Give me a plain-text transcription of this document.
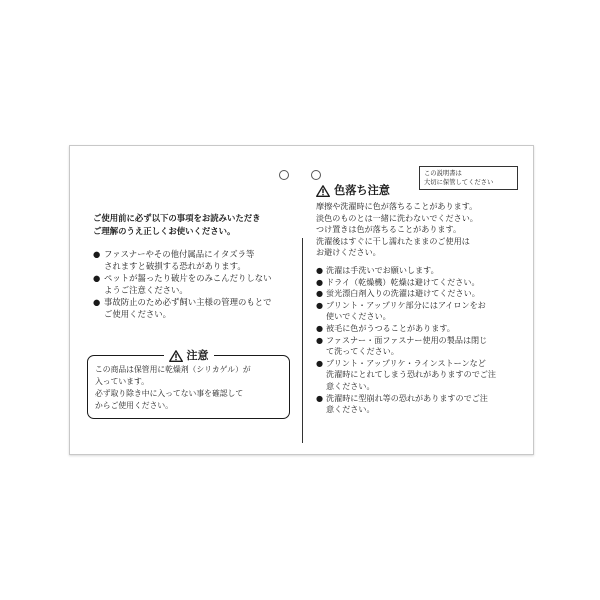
ご使用前に必ず以下の事項をお読みいただき
ご理解のうえ正しくお使いください。
● ファスナーやその他付属品にイタズラ等
されますと破損する恐れがあります。
● ペットが齧ったり破片をのみこんだりしない
ようご注意ください。
● 事故防止のため必ず飼い主様の管理のもとで
ご使用ください。
注意
この商品は保管用に乾燥剤（シリカゲル）が
入っています。
必ず取り除き中に入ってない事を確認して
からご使用ください。
この説明書は
大切に保管してください
色落ち注意
摩擦や洗濯時に色が落ちることがあります。
淡色のものとは一緒に洗わないでください。
つけ置きは色が落ちることがあります。
洗濯後はすぐに干し濡れたままのご使用は
お避けください。
● 洗濯は手洗いでお願いします。
● ドライ（乾燥機）乾燥は避けてください。
● 蛍光漂白剤入りの洗濯は避けてください。
● プリント・アップリケ部分にはアイロンをお
使いでください。
● 被毛に色がうつることがあります。
● ファスナー・面ファスナー使用の製品は閉じ
て洗ってください。
● プリント・アップリケ・ラインストーンなど
洗濯時にとれてしまう恐れがありますのでご注
意ください。
● 洗濯時に型崩れ等の恐れがありますのでご注
意ください。
